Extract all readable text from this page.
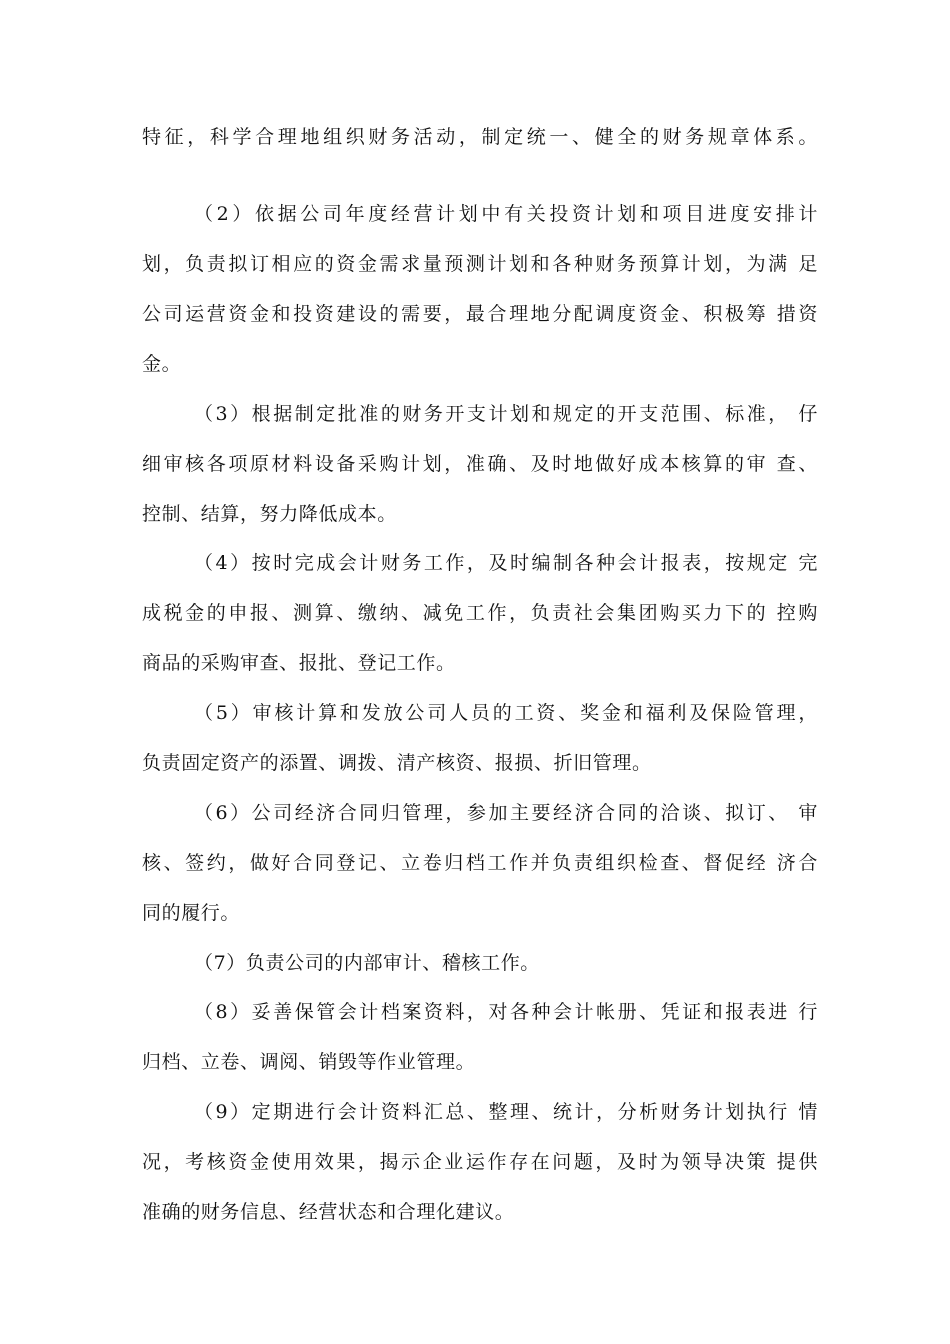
特征，科学合理地组织财务活动，制定统一、健全的财务规章体系。
（2）依据公司年度经营计划中有关投资计划和项目进度安排计
划，负责拟订相应的资金需求量预测计划和各种财务预算计划，为满 足
公司运营资金和投资建设的需要，最合理地分配调度资金、积极筹 措资
金。
（3）根据制定批准的财务开支计划和规定的开支范围、标准， 仔
细审核各项原材料设备采购计划，准确、及时地做好成本核算的审 查、
控制、结算，努力降低成本。
（4）按时完成会计财务工作，及时编制各种会计报表，按规定 完
成税金的申报、测算、缴纳、减免工作，负责社会集团购买力下的 控购
商品的采购审查、报批、登记工作。
（5）审核计算和发放公司人员的工资、奖金和福利及保险管理，
负责固定资产的添置、调拨、清产核资、报损、折旧管理。
（6）公司经济合同归管理，参加主要经济合同的洽谈、拟订、 审
核、签约，做好合同登记、立卷归档工作并负责组织检查、督促经 济合
同的履行。
（7）负责公司的内部审计、稽核工作。
（8）妥善保管会计档案资料，对各种会计帐册、凭证和报表进 行
归档、立卷、调阅、销毁等作业管理。
（9）定期进行会计资料汇总、整理、统计，分析财务计划执行 情
况，考核资金使用效果，揭示企业运作存在问题，及时为领导决策 提供
准确的财务信息、经营状态和合理化建议。
